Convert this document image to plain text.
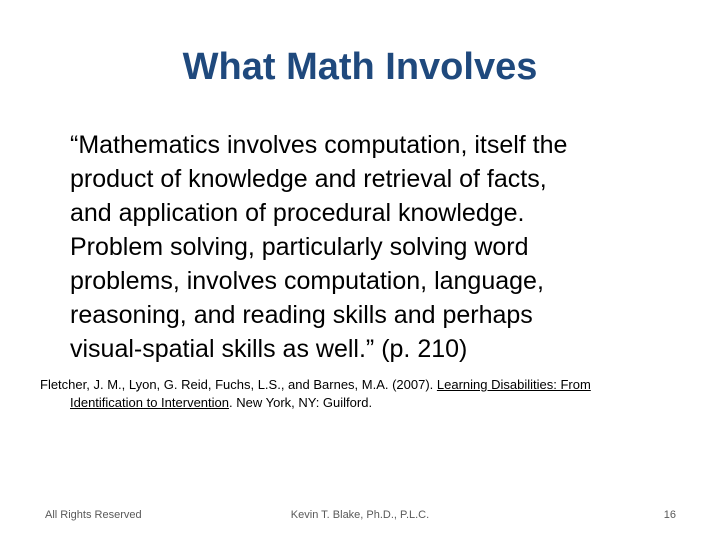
What Math Involves
“Mathematics involves computation, itself the
product of knowledge and retrieval of facts,
and application of procedural knowledge.
Problem solving, particularly solving word
problems, involves computation, language,
reasoning, and reading skills and perhaps
visual-spatial skills as well.” (p. 210)
Fletcher, J. M., Lyon, G. Reid, Fuchs, L.S., and Barnes, M.A. (2007). Learning Disabilities: From
Identification to Intervention. New York, NY: Guilford.
All Rights Reserved	Kevin T. Blake, Ph.D., P.L.C.	16
